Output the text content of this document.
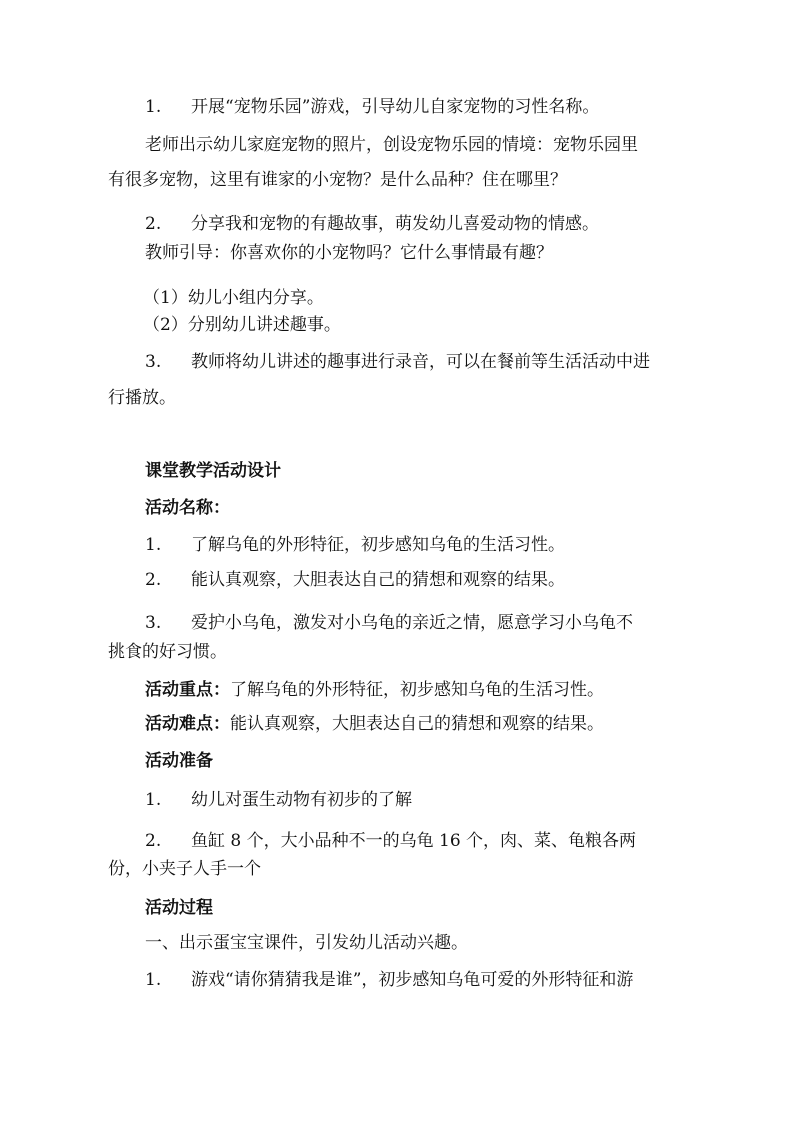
1. 开展“宠物乐园”游戏，引导幼儿自家宠物的习性名称。
老师出示幼儿家庭宠物的照片，创设宠物乐园的情境：宠物乐园里
有很多宠物，这里有谁家的小宠物？是什么品种？住在哪里？
2. 分享我和宠物的有趣故事，萌发幼儿喜爱动物的情感。
教师引导：你喜欢你的小宠物吗？它什么事情最有趣？
（1）幼儿小组内分享。
（2）分别幼儿讲述趣事。
3. 教师将幼儿讲述的趣事进行录音，可以在餐前等生活活动中进
行播放。
课堂教学活动设计
活动名称：
1. 了解乌龟的外形特征，初步感知乌龟的生活习性。
2. 能认真观察，大胆表达自己的猜想和观察的结果。
3. 爱护小乌龟，激发对小乌龟的亲近之情，愿意学习小乌龟不
挑食的好习惯。
活动重点：了解乌龟的外形特征，初步感知乌龟的生活习性。
活动难点：能认真观察，大胆表达自己的猜想和观察的结果。
活动准备
1. 幼儿对蛋生动物有初步的了解
2. 鱼缸 8 个，大小品种不一的乌龟 16 个，肉、菜、龟粮各两
份，小夹子人手一个
活动过程
一、出示蛋宝宝课件，引发幼儿活动兴趣。
1. 游戏“请你猜猜我是谁”，初步感知乌龟可爱的外形特征和游
